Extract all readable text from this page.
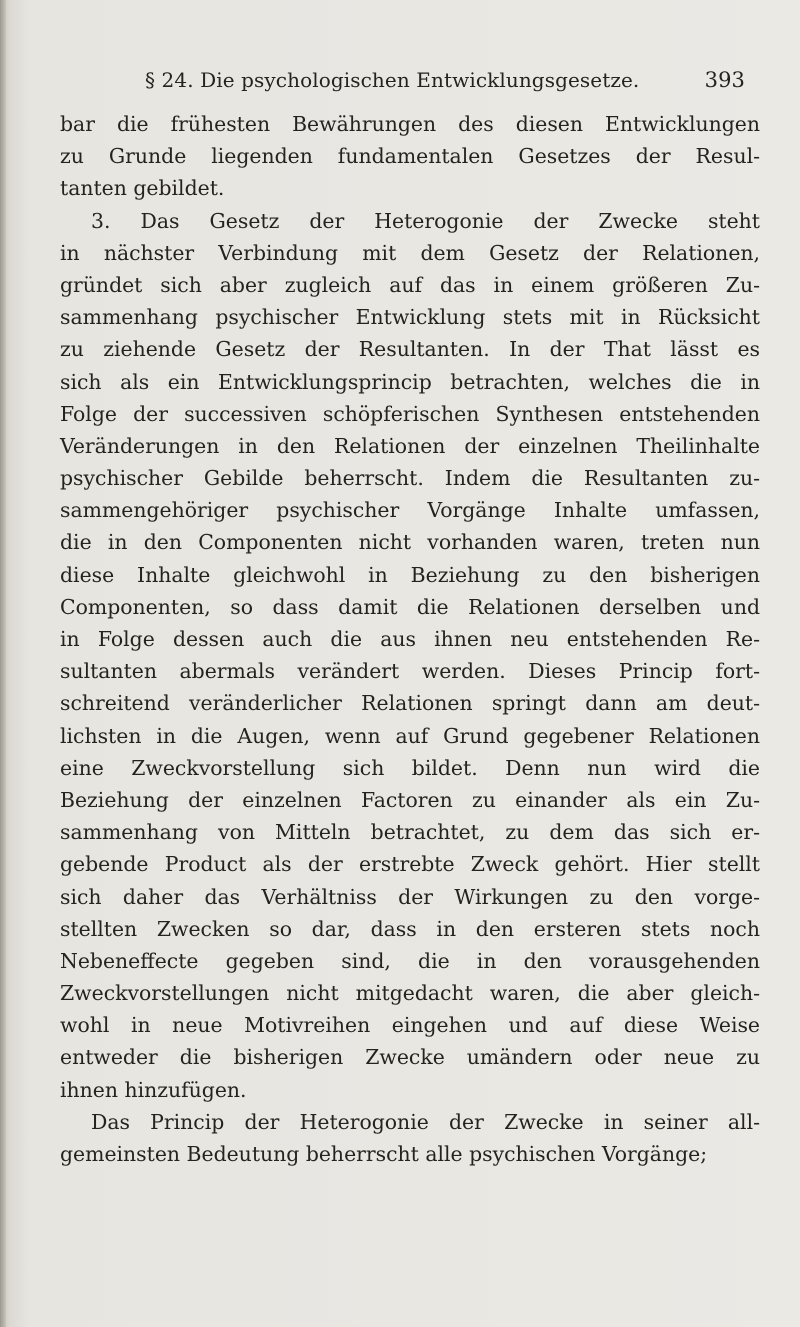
§ 24. Die psychologischen Entwicklungsgesetze.	393
bar die frühesten Bewährungen des diesen Entwicklungen
zu Grunde liegenden fundamentalen Gesetzes der Resul-
tanten gebildet.
3. Das Gesetz der Heterogonie der Zwecke steht
in nächster Verbindung mit dem Gesetz der Relationen,
gründet sich aber zugleich auf das in einem größeren Zu-
sammenhang psychischer Entwicklung stets mit in Rücksicht
zu ziehende Gesetz der Resultanten. In der That lässt es
sich als ein Entwicklungsprincip betrachten, welches die in
Folge der successiven schöpferischen Synthesen entstehenden
Veränderungen in den Relationen der einzelnen Theilinhalte
psychischer Gebilde beherrscht. Indem die Resultanten zu-
sammengehöriger psychischer Vorgänge Inhalte umfassen,
die in den Componenten nicht vorhanden waren, treten nun
diese Inhalte gleichwohl in Beziehung zu den bisherigen
Componenten, so dass damit die Relationen derselben und
in Folge dessen auch die aus ihnen neu entstehenden Re-
sultanten abermals verändert werden. Dieses Princip fort-
schreitend veränderlicher Relationen springt dann am deut-
lichsten in die Augen, wenn auf Grund gegebener Relationen
eine Zweckvorstellung sich bildet. Denn nun wird die
Beziehung der einzelnen Factoren zu einander als ein Zu-
sammenhang von Mitteln betrachtet, zu dem das sich er-
gebende Product als der erstrebte Zweck gehört. Hier stellt
sich daher das Verhältniss der Wirkungen zu den vorge-
stellten Zwecken so dar, dass in den ersteren stets noch
Nebeneffecte gegeben sind, die in den vorausgehenden
Zweckvorstellungen nicht mitgedacht waren, die aber gleich-
wohl in neue Motivreihen eingehen und auf diese Weise
entweder die bisherigen Zwecke umändern oder neue zu
ihnen hinzufügen.
Das Princip der Heterogonie der Zwecke in seiner all-
gemeinsten Bedeutung beherrscht alle psychischen Vorgänge;
